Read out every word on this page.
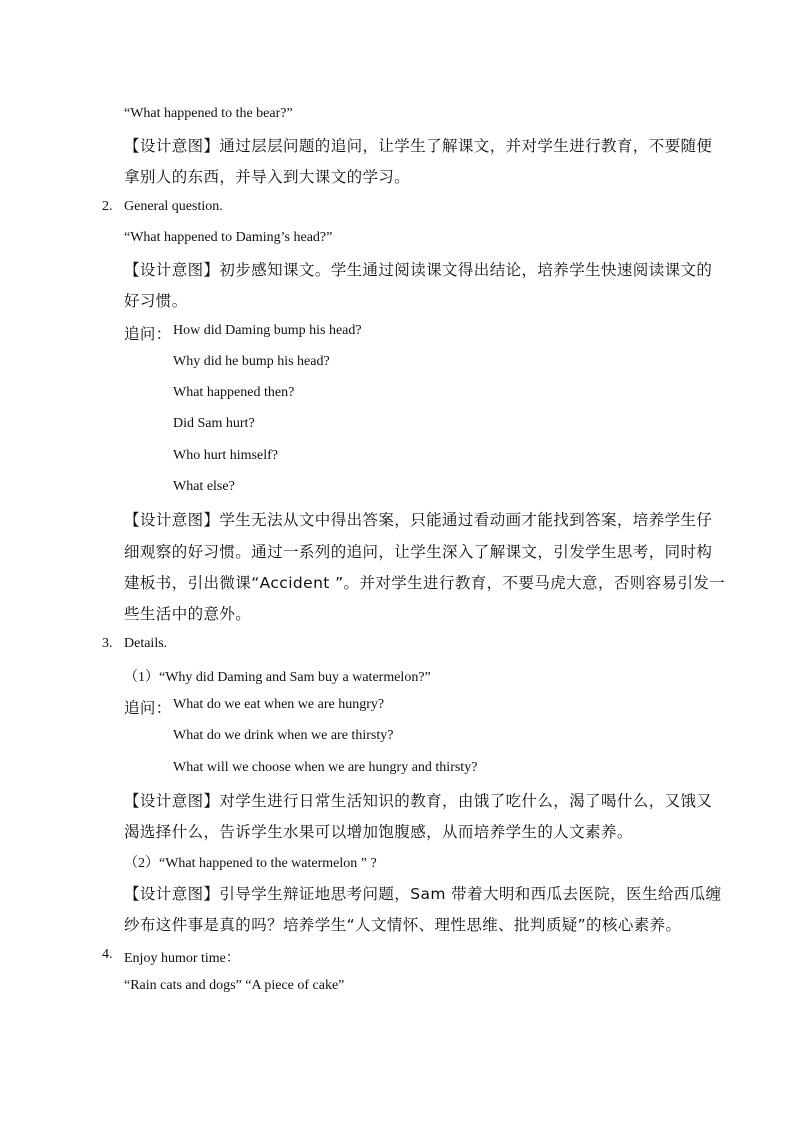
“What happened to the bear?”
【设计意图】通过层层问题的追问，让学生了解课文，并对学生进行教育，不要随便
拿别人的东西，并导入到大课文的学习。
2. General question.
“What happened to Daming’s head?”
【设计意图】初步感知课文。学生通过阅读课文得出结论，培养学生快速阅读课文的
好习惯。
追问： How did Daming bump his head?
Why did he bump his head?
What happened then?
Did Sam hurt?
Who hurt himself?
What else?
【设计意图】学生无法从文中得出答案，只能通过看动画才能找到答案，培养学生仔
细观察的好习惯。通过一系列的追问，让学生深入了解课文，引发学生思考，同时构
建板书，引出微课“Accident ”。并对学生进行教育，不要马虎大意，否则容易引发一
些生活中的意外。
3. Details.
（1）“Why did Daming and Sam buy a watermelon?”
追问： What do we eat when we are hungry?
What do we drink when we are thirsty?
What will we choose when we are hungry and thirsty?
【设计意图】对学生进行日常生活知识的教育，由饿了吃什么，渴了喝什么，又饿又
渴选择什么，告诉学生水果可以增加饱腹感，从而培养学生的人文素养。
（2）“What happened to the watermelon ” ?
【设计意图】引导学生辩证地思考问题，Sam 带着大明和西瓜去医院，医生给西瓜缠
纱布这件事是真的吗？培养学生“人文情怀、理性思维、批判质疑”的核心素养。
4. Enjoy humor time：
“Rain cats and dogs” “A piece of cake”
